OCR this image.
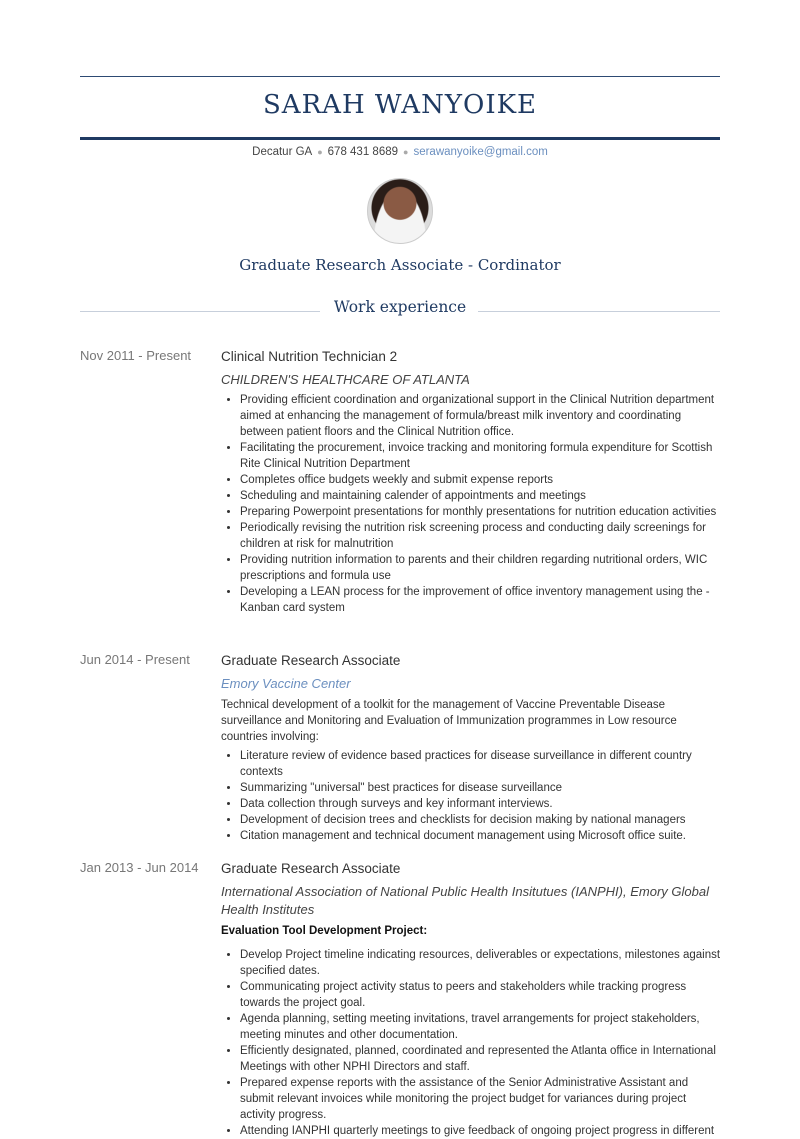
SARAH WANYOIKE
Decatur GA ● 678 431 8689 ● serawanyoike@gmail.com
Graduate Research Associate - Cordinator
Work experience
Nov 2011 - Present Clinical Nutrition Technician 2
CHILDREN'S HEALTHCARE OF ATLANTA
• Providing efficient coordination and organizational support in the Clinical Nutrition department aimed at enhancing the management of formula/breast milk inventory and coordinating between patient floors and the Clinical Nutrition office.
• Facilitating the procurement, invoice tracking and monitoring formula expenditure for Scottish Rite Clinical Nutrition Department
• Completes office budgets weekly and submit expense reports
• Scheduling and maintaining calender of appointments and meetings
• Preparing Powerpoint presentations for monthly presentations for nutrition education activities
• Periodically revising the nutrition risk screening process and conducting daily screenings for children at risk for malnutrition
• Providing nutrition information to parents and their children regarding nutritional orders, WIC prescriptions and formula use
• Developing a LEAN process for the improvement of office inventory management using the -Kanban card system
Jun 2014 - Present Graduate Research Associate
Emory Vaccine Center
Technical development of a toolkit for the management of Vaccine Preventable Disease surveillance and Monitoring and Evaluation of Immunization programmes in Low resource countries involving:
• Literature review of evidence based practices for disease surveillance in different country contexts
• Summarizing "universal" best practices for disease surveillance
• Data collection through surveys and key informant interviews.
• Development of decision trees and checklists for decision making by national managers
• Citation management and technical document management using Microsoft office suite.
Jan 2013 - Jun 2014 Graduate Research Associate
International Association of National Public Health Insitutues (IANPHI), Emory Global Health Institutes
Evaluation Tool Development Project:
• Develop Project timeline indicating resources, deliverables or expectations, milestones against specified dates.
• Communicating project activity status to peers and stakeholders while tracking progress towards the project goal.
• Agenda planning, setting meeting invitations, travel arrangements for project stakeholders, meeting minutes and other documentation.
• Efficiently designated, planned, coordinated and represented the Atlanta office in International Meetings with other NPHI Directors and staff.
• Prepared expense reports with the assistance of the Senior Administrative Assistant and submit relevant invoices while monitoring the project budget for variances during project activity progress.
• Attending IANPHI quarterly meetings to give feedback of ongoing project progress in different
